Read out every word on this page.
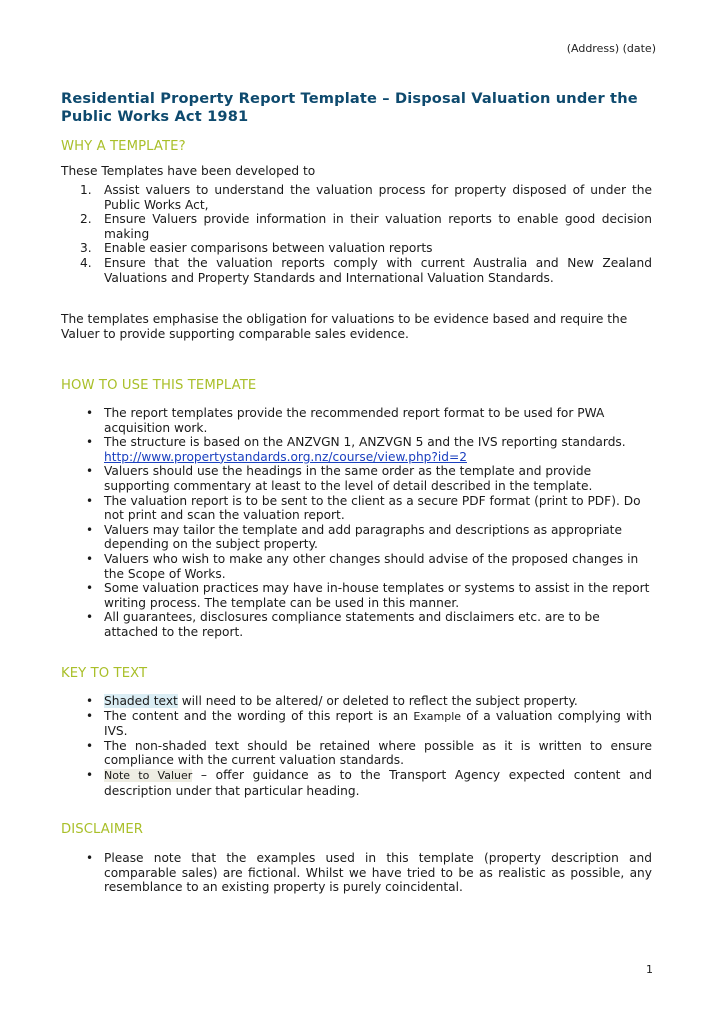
(Address) (date)
Residential Property Report Template – Disposal Valuation under the Public Works Act 1981
WHY A TEMPLATE?
These Templates have been developed to
1. Assist valuers to understand the valuation process for property disposed of under the Public Works Act,
2. Ensure Valuers provide information in their valuation reports to enable good decision making
3. Enable easier comparisons between valuation reports
4. Ensure that the valuation reports comply with current Australia and New Zealand Valuations and Property Standards and International Valuation Standards.
The templates emphasise the obligation for valuations to be evidence based and require the Valuer to provide supporting comparable sales evidence.
HOW TO USE THIS TEMPLATE
• The report templates provide the recommended report format to be used for PWA acquisition work.
• The structure is based on the ANZVGN 1, ANZVGN 5 and the IVS reporting standards.
http://www.propertystandards.org.nz/course/view.php?id=2
• Valuers should use the headings in the same order as the template and provide supporting commentary at least to the level of detail described in the template.
• The valuation report is to be sent to the client as a secure PDF format (print to PDF). Do not print and scan the valuation report.
• Valuers may tailor the template and add paragraphs and descriptions as appropriate depending on the subject property.
• Valuers who wish to make any other changes should advise of the proposed changes in the Scope of Works.
• Some valuation practices may have in-house templates or systems to assist in the report writing process. The template can be used in this manner.
• All guarantees, disclosures compliance statements and disclaimers etc. are to be attached to the report.
KEY TO TEXT
• Shaded text will need to be altered/ or deleted to reflect the subject property.
• The content and the wording of this report is an Example of a valuation complying with IVS.
• The non-shaded text should be retained where possible as it is written to ensure compliance with the current valuation standards.
• Note to Valuer – offer guidance as to the Transport Agency expected content and description under that particular heading.
DISCLAIMER
• Please note that the examples used in this template (property description and comparable sales) are fictional. Whilst we have tried to be as realistic as possible, any resemblance to an existing property is purely coincidental.
1
